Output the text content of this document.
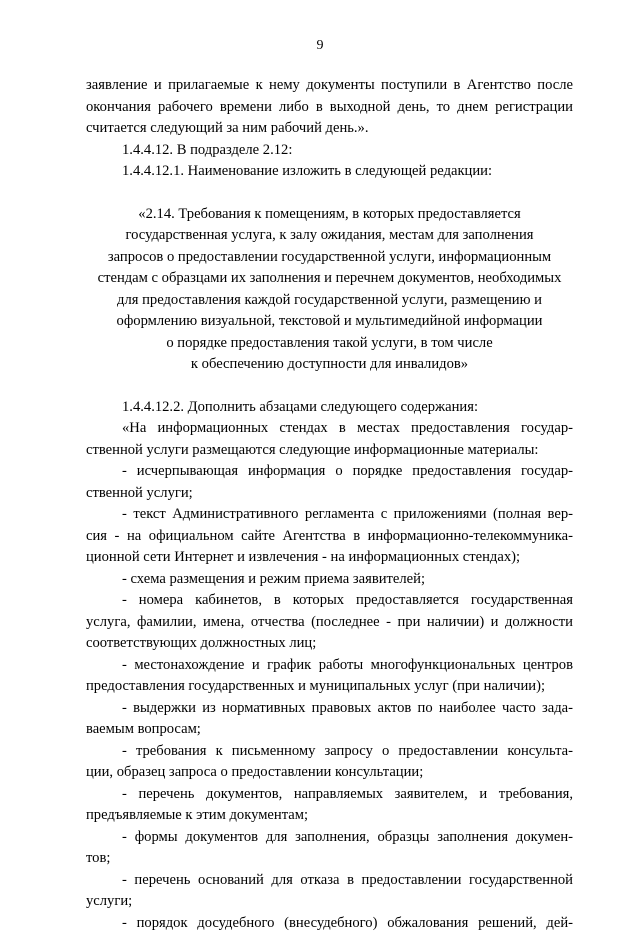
9

заявление и прилагаемые к нему документы поступили в Агентство после

окончания рабочего времени либо в выходной день, то днем регистрации

считается следующий за ним рабочий день.».

1.4.4.12. В подразделе 2.12:

1.4.4.12.1. Наименование изложить в следующей редакции:

«2.14. Требования к помещениям, в которых предоставляется

государственная услуга, к залу ожидания, местам для заполнения

запросов о предоставлении государственной услуги, информационным

стендам с образцами их заполнения и перечнем документов, необходимых

для предоставления каждой государственной услуги, размещению и

оформлению визуальной, текстовой и мультимедийной информации

о порядке предоставления такой услуги, в том числе

к обеспечению доступности для инвалидов»

1.4.4.12.2. Дополнить абзацами следующего содержания:

«На информационных стендах в местах предоставления государ-

ственной услуги размещаются следующие информационные материалы:

- исчерпывающая информация о порядке предоставления государ-

ственной услуги;

- текст Административного регламента с приложениями (полная вер-

сия - на официальном сайте Агентства в информационно-телекоммуника-

ционной сети Интернет и извлечения - на информационных стендах);

- схема размещения и режим приема заявителей;

- номера кабинетов, в которых предоставляется государственная

услуга, фамилии, имена, отчества (последнее - при наличии) и должности

соответствующих должностных лиц;

- местонахождение и график работы многофункциональных центров

предоставления государственных и муниципальных услуг (при наличии);

- выдержки из нормативных правовых актов по наиболее часто зада-

ваемым вопросам;

- требования к письменному запросу о предоставлении консульта-

ции, образец запроса о предоставлении консультации;

- перечень документов, направляемых заявителем, и требования,

предъявляемые к этим документам;

- формы документов для заполнения, образцы заполнения докумен-

тов;

- перечень оснований для отказа в предоставлении государственной

услуги;

- порядок досудебного (внесудебного) обжалования решений, дей-
